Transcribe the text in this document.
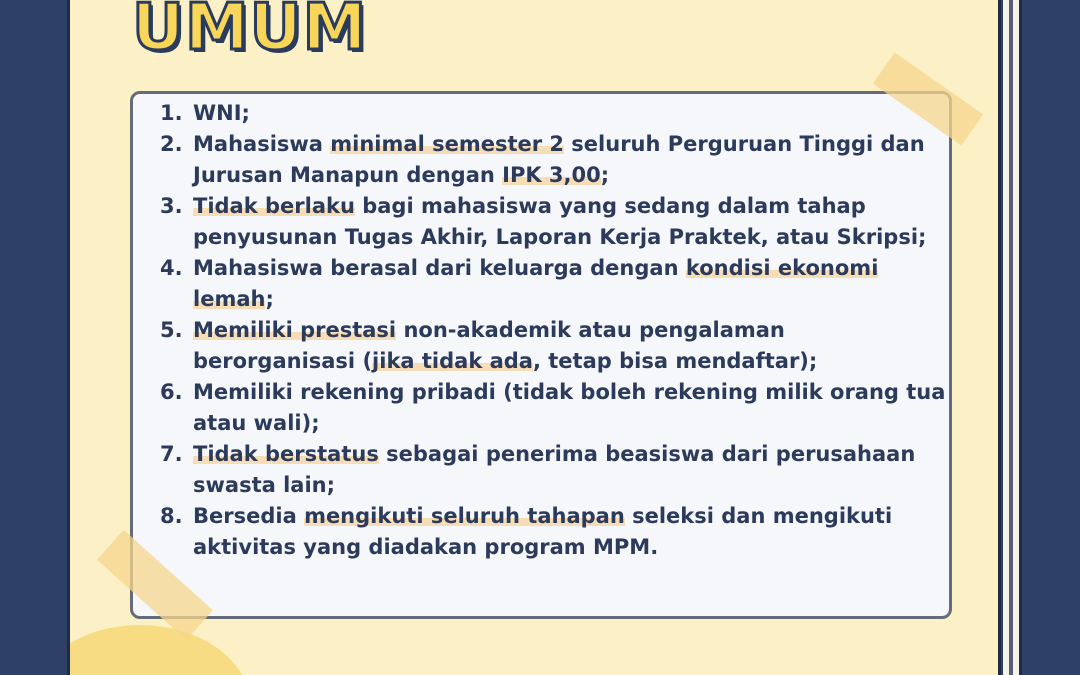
UMUM
1. WNI;
2. Mahasiswa minimal semester 2 seluruh Perguruan Tinggi dan Jurusan Manapun dengan IPK 3,00;
3. Tidak berlaku bagi mahasiswa yang sedang dalam tahap penyusunan Tugas Akhir, Laporan Kerja Praktek, atau Skripsi;
4. Mahasiswa berasal dari keluarga dengan kondisi ekonomi lemah;
5. Memiliki prestasi non-akademik atau pengalaman berorganisasi (jika tidak ada, tetap bisa mendaftar);
6. Memiliki rekening pribadi (tidak boleh rekening milik orang tua atau wali);
7. Tidak berstatus sebagai penerima beasiswa dari perusahaan swasta lain;
8. Bersedia mengikuti seluruh tahapan seleksi dan mengikuti aktivitas yang diadakan program MPM.
